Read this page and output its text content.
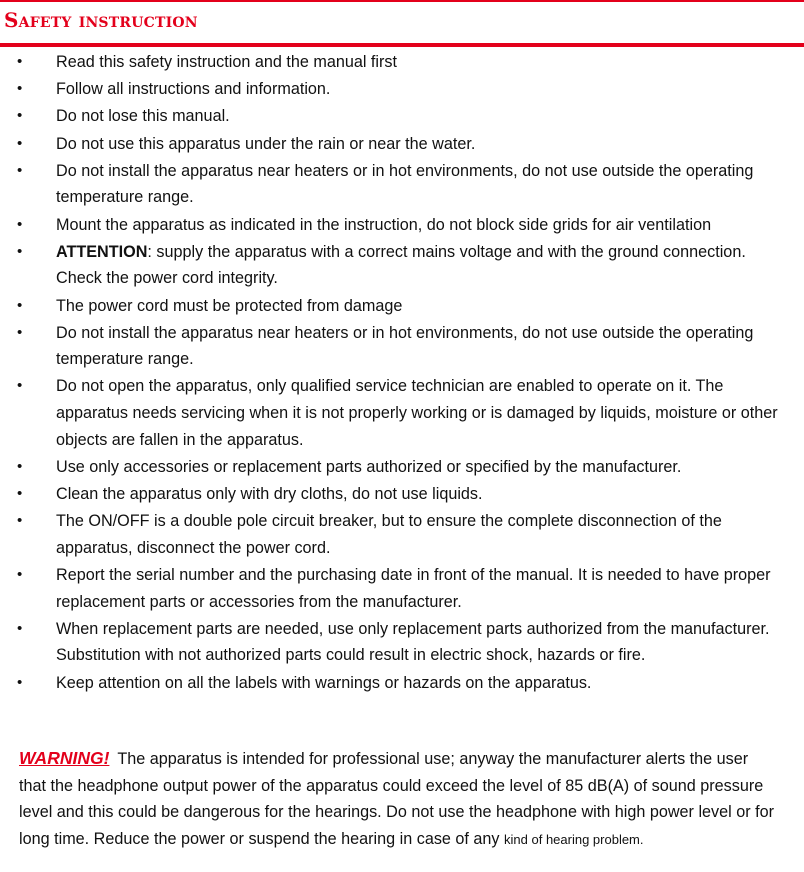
Safety instruction
• Read this safety instruction and the manual first
• Follow all instructions and information.
• Do not lose this manual.
• Do not use this apparatus under the rain or near the water.
• Do not install the apparatus near heaters or in hot environments, do not use outside the operating temperature range.
• Mount the apparatus as indicated in the instruction, do not block side grids for air ventilation
• ATTENTION: supply the apparatus with a correct mains voltage and with the ground connection. Check the power cord integrity.
• The power cord must be protected from damage
• Do not install the apparatus near heaters or in hot environments, do not use outside the operating temperature range.
• Do not open the apparatus, only qualified service technician are enabled to operate on it. The apparatus needs servicing when it is not properly working or is damaged by liquids, moisture or other objects are fallen in the apparatus.
• Use only accessories or replacement parts authorized or specified by the manufacturer.
• Clean the apparatus only with dry cloths, do not use liquids.
• The ON/OFF is a double pole circuit breaker, but to ensure the complete disconnection of the apparatus, disconnect the power cord.
• Report the serial number and the purchasing date in front of the manual. It is needed to have proper replacement parts or accessories from the manufacturer.
• When replacement parts are needed, use only replacement parts authorized from the manufacturer. Substitution with not authorized parts could result in electric shock, hazards or fire.
• Keep attention on all the labels with warnings or hazards on the apparatus.
WARNING! The apparatus is intended for professional use; anyway the manufacturer alerts the user that the headphone output power of the apparatus could exceed the level of 85 dB(A) of sound pressure level and this could be dangerous for the hearings. Do not use the headphone with high power level or for long time. Reduce the power or suspend the hearing in case of any kind of hearing problem.
